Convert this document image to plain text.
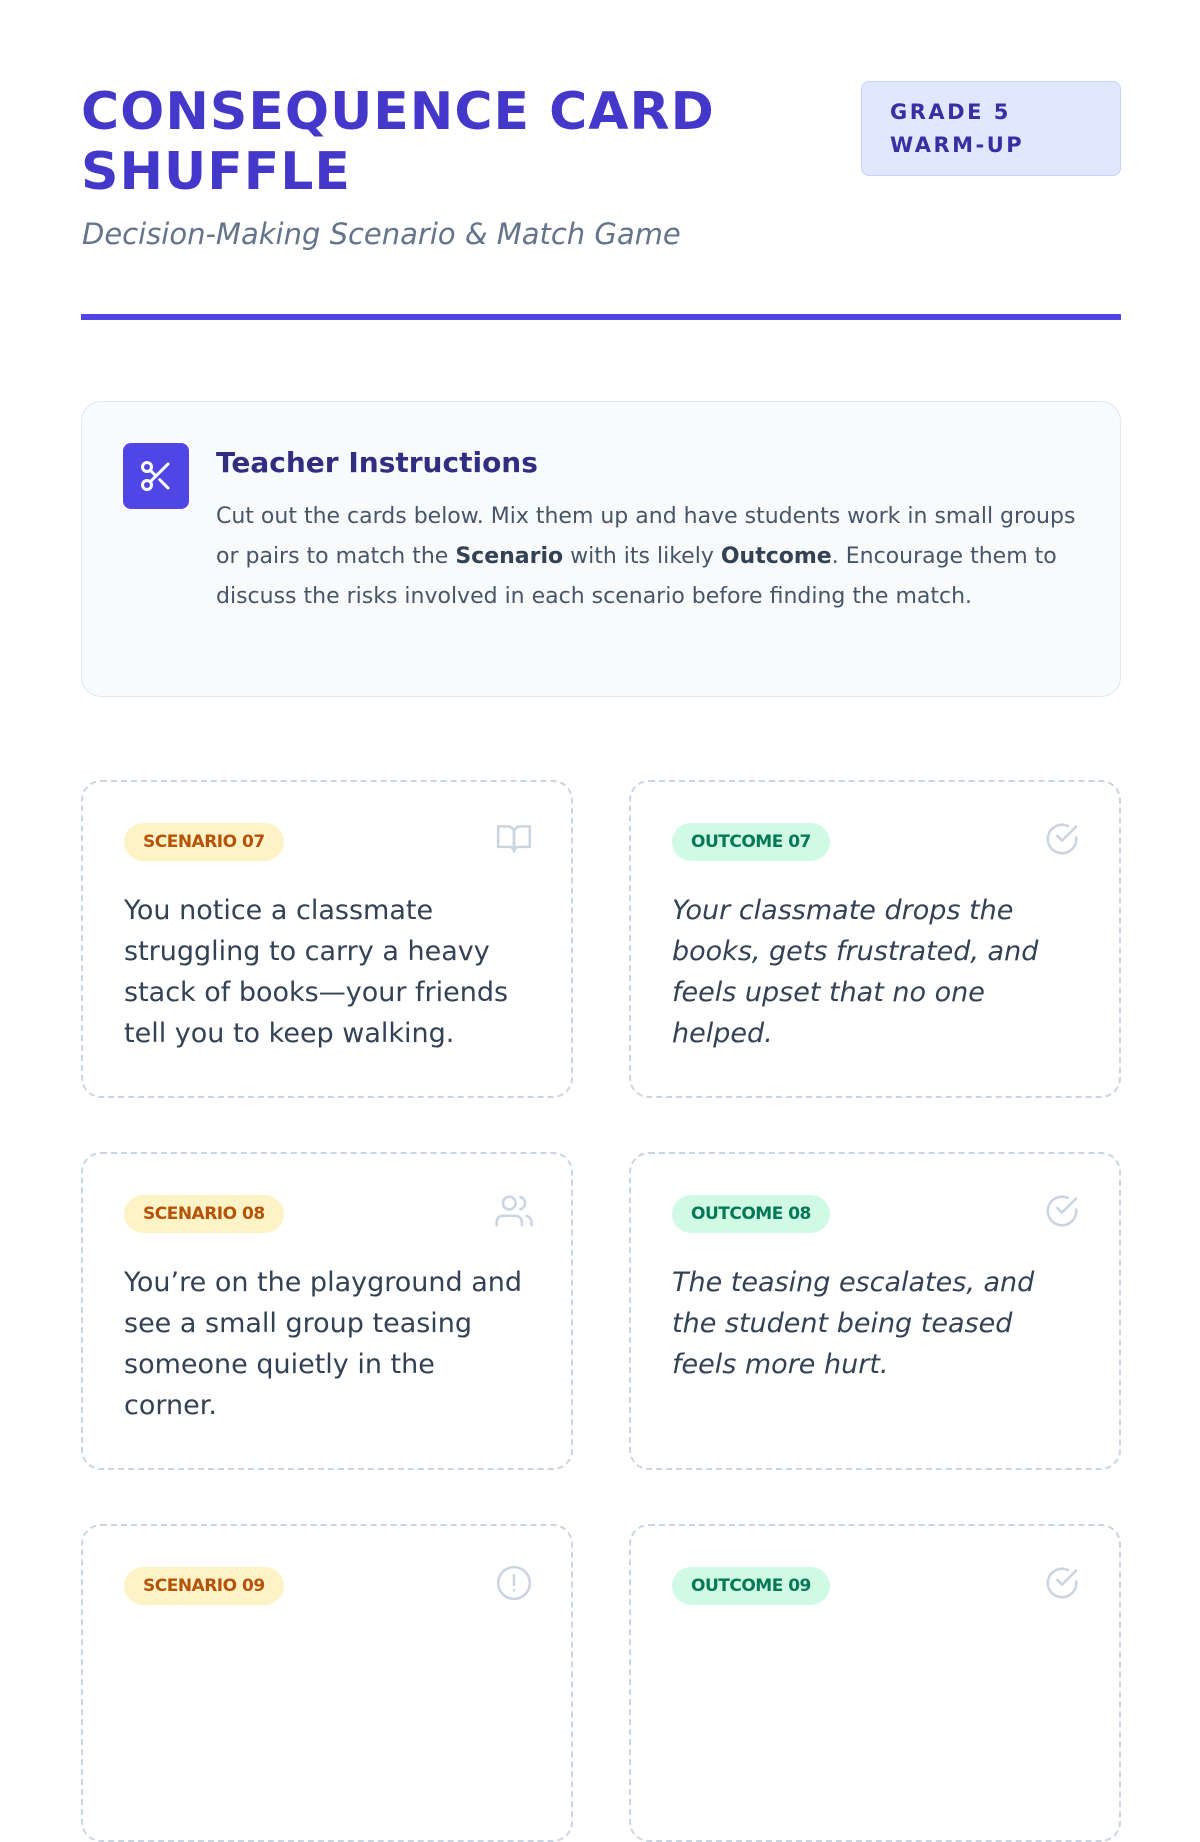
CONSEQUENCE CARD SHUFFLE
Decision-Making Scenario & Match Game
GRADE 5
WARM-UP
Teacher Instructions
Cut out the cards below. Mix them up and have students work in small groups or pairs to match the Scenario with its likely Outcome. Encourage them to discuss the risks involved in each scenario before finding the match.
SCENARIO 07
You notice a classmate struggling to carry a heavy stack of books—your friends tell you to keep walking.
OUTCOME 07
Your classmate drops the books, gets frustrated, and feels upset that no one helped.
SCENARIO 08
You’re on the playground and see a small group teasing someone quietly in the corner.
OUTCOME 08
The teasing escalates, and the student being teased feels more hurt.
SCENARIO 09	OUTCOME 09
